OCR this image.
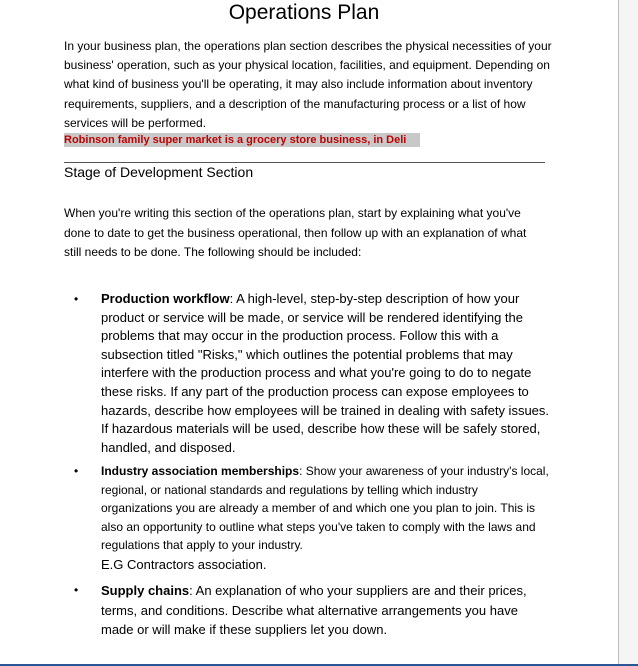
Operations Plan
In your business plan, the operations plan section describes the physical necessities of your business' operation, such as your physical location, facilities, and equipment. Depending on what kind of business you'll be operating, it may also include information about inventory requirements, suppliers, and a description of the manufacturing process or a list of how services will be performed.
Robinson family super market is a grocery store business, in Deli
Stage of Development Section
When you're writing this section of the operations plan, start by explaining what you've done to date to get the business operational, then follow up with an explanation of what still needs to be done. The following should be included:
• Production workflow: A high-level, step-by-step description of how your product or service will be made, or service will be rendered identifying the problems that may occur in the production process. Follow this with a subsection titled "Risks," which outlines the potential problems that may interfere with the production process and what you're going to do to negate these risks. If any part of the production process can expose employees to hazards, describe how employees will be trained in dealing with safety issues. If hazardous materials will be used, describe how these will be safely stored, handled, and disposed.
• Industry association memberships: Show your awareness of your industry's local, regional, or national standards and regulations by telling which industry organizations you are already a member of and which one you plan to join. This is also an opportunity to outline what steps you've taken to comply with the laws and regulations that apply to your industry.
E.G Contractors association.
• Supply chains: An explanation of who your suppliers are and their prices, terms, and conditions. Describe what alternative arrangements you have made or will make if these suppliers let you down.
